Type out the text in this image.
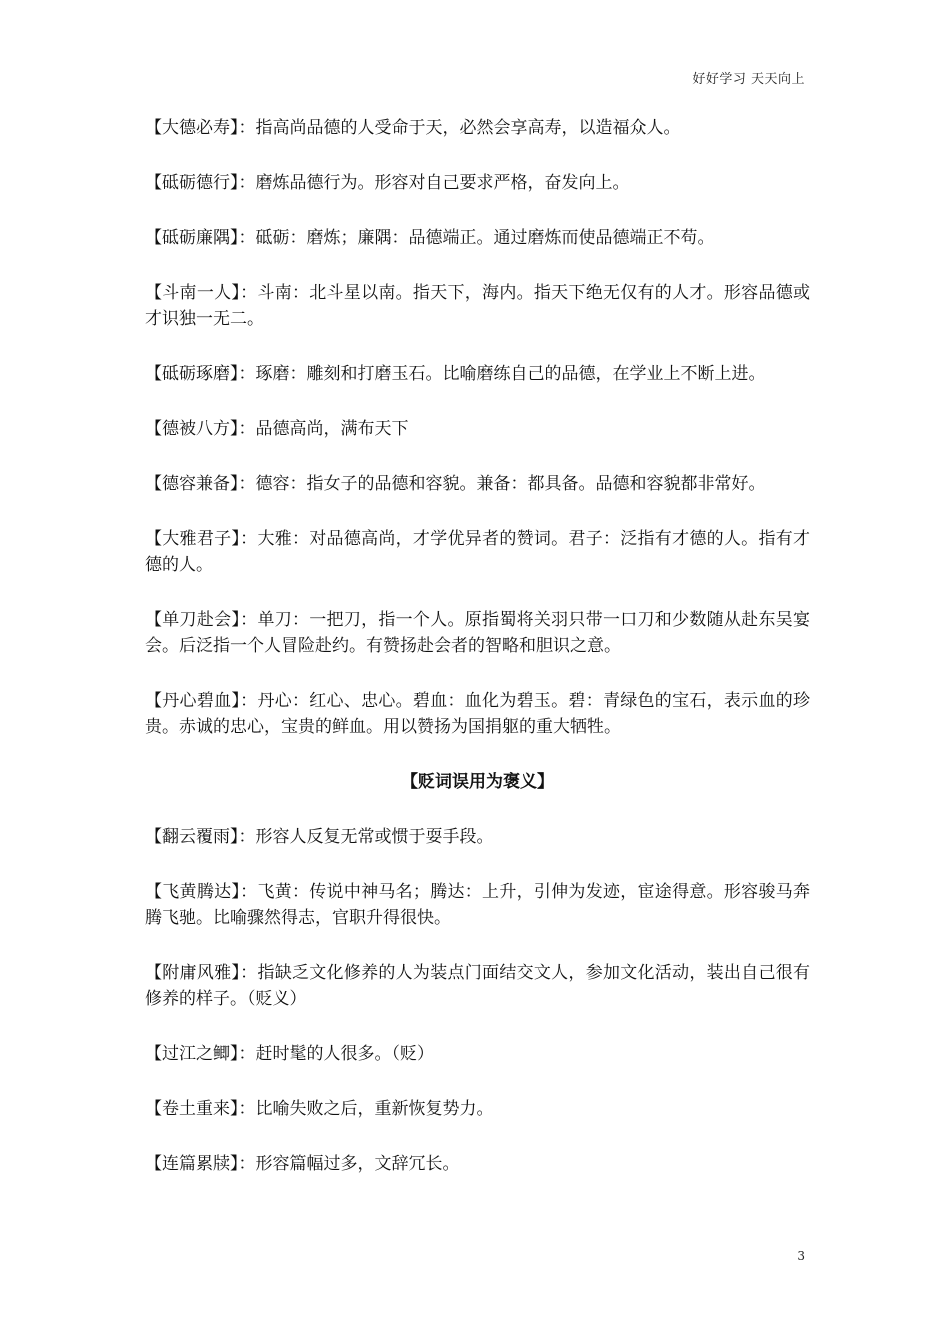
好好学习 天天向上

【大德必寿】：指高尚品德的人受命于天，必然会享高寿，以造福众人。

【砥砺德行】：磨炼品德行为。形容对自己要求严格，奋发向上。

【砥砺廉隅】：砥砺：磨炼；廉隅：品德端正。通过磨炼而使品德端正不苟。

【斗南一人】：斗南：北斗星以南。指天下，海内。指天下绝无仅有的人才。形容品德或才识独一无二。

【砥砺琢磨】：琢磨：雕刻和打磨玉石。比喻磨练自己的品德，在学业上不断上进。

【德被八方】：品德高尚，满布天下

【德容兼备】：德容：指女子的品德和容貌。兼备：都具备。品德和容貌都非常好。

【大雅君子】：大雅：对品德高尚，才学优异者的赞词。君子：泛指有才德的人。指有才德的人。

【单刀赴会】：单刀：一把刀，指一个人。原指蜀将关羽只带一口刀和少数随从赴东吴宴会。后泛指一个人冒险赴约。有赞扬赴会者的智略和胆识之意。

【丹心碧血】：丹心：红心、忠心。碧血：血化为碧玉。碧：青绿色的宝石，表示血的珍贵。赤诚的忠心，宝贵的鲜血。用以赞扬为国捐躯的重大牺牲。

【贬词误用为褒义】

【翻云覆雨】：形容人反复无常或惯于耍手段。

【飞黄腾达】：飞黄：传说中神马名；腾达：上升，引伸为发迹，宦途得意。形容骏马奔腾飞驰。比喻骤然得志，官职升得很快。

【附庸风雅】：指缺乏文化修养的人为装点门面结交文人，参加文化活动，装出自己很有修养的样子。（贬义）

【过江之鲫】：赶时髦的人很多。（贬）

【卷土重来】：比喻失败之后，重新恢复势力。

【连篇累牍】：形容篇幅过多，文辞冗长。

3
